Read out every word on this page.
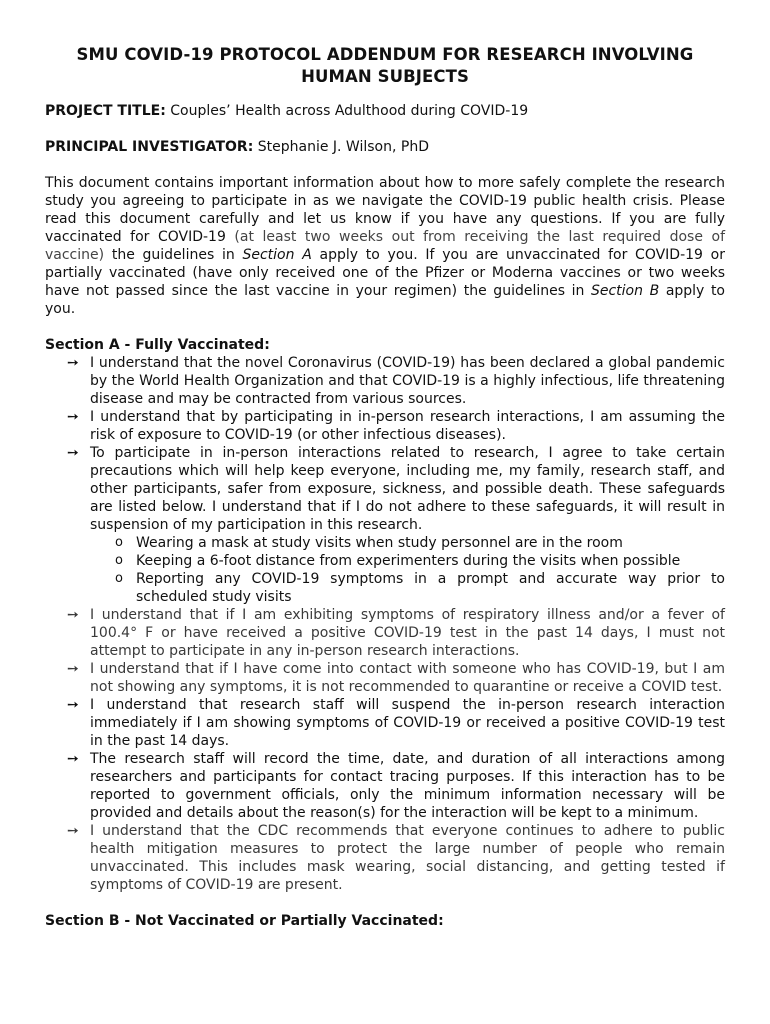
SMU COVID-19 PROTOCOL ADDENDUM FOR RESEARCH INVOLVING HUMAN SUBJECTS

PROJECT TITLE: Couples’ Health across Adulthood during COVID-19

PRINCIPAL INVESTIGATOR: Stephanie J. Wilson, PhD

This document contains important information about how to more safely complete the research study you agreeing to participate in as we navigate the COVID-19 public health crisis. Please read this document carefully and let us know if you have any questions. If you are fully vaccinated for COVID-19 (at least two weeks out from receiving the last required dose of vaccine) the guidelines in Section A apply to you. If you are unvaccinated for COVID-19 or partially vaccinated (have only received one of the Pfizer or Moderna vaccines or two weeks have not passed since the last vaccine in your regimen) the guidelines in Section B apply to you.

Section A - Fully Vaccinated:

➙ I understand that the novel Coronavirus (COVID-19) has been declared a global pandemic by the World Health Organization and that COVID-19 is a highly infectious, life threatening disease and may be contracted from various sources.
➙ I understand that by participating in in-person research interactions, I am assuming the risk of exposure to COVID-19 (or other infectious diseases).
➙ To participate in in-person interactions related to research, I agree to take certain precautions which will help keep everyone, including me, my family, research staff, and other participants, safer from exposure, sickness, and possible death. These safeguards are listed below. I understand that if I do not adhere to these safeguards, it will result in suspension of my participation in this research.
o Wearing a mask at study visits when study personnel are in the room
o Keeping a 6-foot distance from experimenters during the visits when possible
o Reporting any COVID-19 symptoms in a prompt and accurate way prior to scheduled study visits
➙ I understand that if I am exhibiting symptoms of respiratory illness and/or a fever of 100.4° F or have received a positive COVID-19 test in the past 14 days, I must not attempt to participate in any in-person research interactions.
➙ I understand that if I have come into contact with someone who has COVID-19, but I am not showing any symptoms, it is not recommended to quarantine or receive a COVID test.
➙ I understand that research staff will suspend the in-person research interaction immediately if I am showing symptoms of COVID-19 or received a positive COVID-19 test in the past 14 days.
➙ The research staff will record the time, date, and duration of all interactions among researchers and participants for contact tracing purposes. If this interaction has to be reported to government officials, only the minimum information necessary will be provided and details about the reason(s) for the interaction will be kept to a minimum.
➙ I understand that the CDC recommends that everyone continues to adhere to public health mitigation measures to protect the large number of people who remain unvaccinated. This includes mask wearing, social distancing, and getting tested if symptoms of COVID-19 are present.

Section B - Not Vaccinated or Partially Vaccinated:
